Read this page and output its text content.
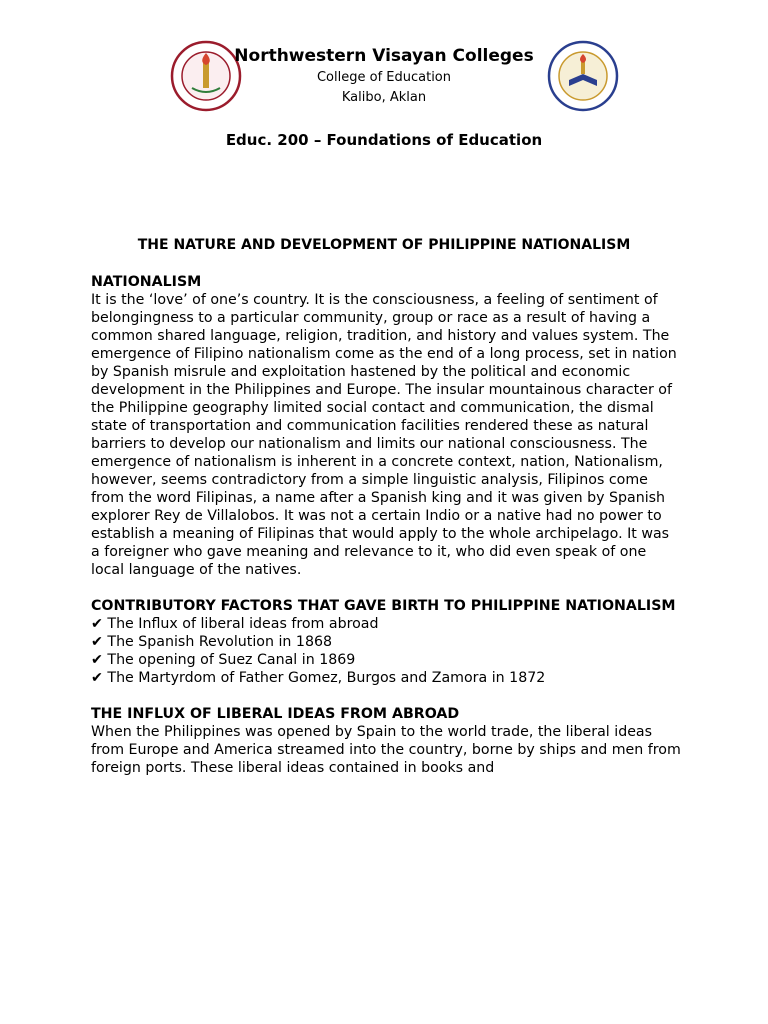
Northwestern Visayan Colleges
College of Education
Kalibo, Aklan
Educ. 200 – Foundations of Education
THE NATURE AND DEVELOPMENT OF PHILIPPINE NATIONALISM
NATIONALISM

It is the ‘love’ of one’s country. It is the consciousness, a feeling of sentiment of belongingness to a particular community, group or race as a result of having a common shared language, religion, tradition, and history and values system. The emergence of Filipino nationalism come as the end of a long process, set in nation by Spanish misrule and exploitation hastened by the political and economic development in the Philippines and Europe. The insular mountainous character of the Philippine geography limited social contact and communication, the dismal state of transportation and communication facilities rendered these as natural barriers to develop our nationalism and limits our national consciousness. The emergence of nationalism is inherent in a concrete context, nation, Nationalism, however, seems contradictory from a simple linguistic analysis, Filipinos come from the word Filipinas, a name after a Spanish king and it was given by Spanish explorer Rey de Villalobos. It was not a certain Indio or a native had no power to establish a meaning of Filipinas that would apply to the whole archipelago. It was a foreigner who gave meaning and relevance to it, who did even speak of one local language of the natives.

CONTRIBUTORY FACTORS THAT GAVE BIRTH TO PHILIPPINE NATIONALISM
✔ The Influx of liberal ideas from abroad
✔ The Spanish Revolution in 1868
✔ The opening of Suez Canal in 1869
✔ The Martyrdom of Father Gomez, Burgos and Zamora in 1872
THE INFLUX OF LIBERAL IDEAS FROM ABROAD

When the Philippines was opened by Spain to the world trade, the liberal ideas from Europe and America streamed into the country, borne by ships and men from foreign ports. These liberal ideas contained in books and
